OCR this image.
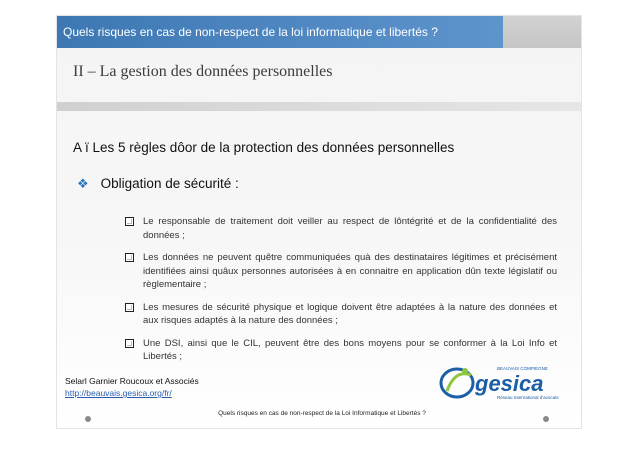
Quels risques en cas de non-respect de la loi informatique et libertés ?
II – La gestion des données personnelles
A ï Les 5 règles dôor de la protection des données personnelles
❖ Obligation de sécurité :
Le responsable de traitement doit veiller au respect de lôntégrité et de la confidentialité des données ;
Les données ne peuvent quêtre communiquées quà des destinataires légitimes et précisément identifiées ainsi quâux personnes autorisées à en connaitre en application dûn texte législatif ou règlementaire ;
Les mesures de sécurité physique et logique doivent être adaptées à la nature des données et aux risques adaptés à la nature des données ;
Une DSI, ainsi que le CIL, peuvent être des bons moyens pour se conformer à la Loi Info et Libertés ;
Selarl Garnier Roucoux et Associés
http://beauvais.gesica.org/fr/
BEAUVAIS COMPIEGNE
gesica
Réseau International d'avocats
Quels risques en cas de non-respect de la Loi Informatique et Libertés ?
